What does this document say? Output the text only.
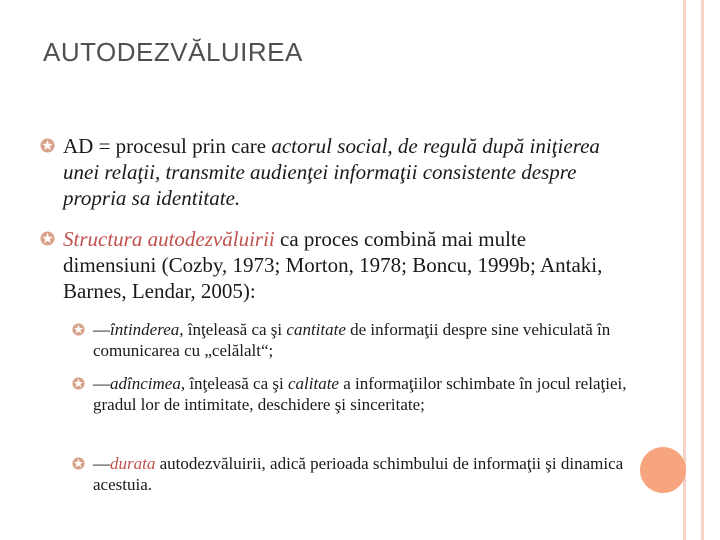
AUTODEZVĂLUIREA
AD = procesul prin care actorul social, de regulă după iniţierea unei relaţii, transmite audienţei informaţii consistente despre propria sa identitate.
Structura autodezvăluirii ca proces combină mai multe dimensiuni (Cozby, 1973; Morton, 1978; Boncu, 1999b; Antaki, Barnes, Lendar, 2005):
—întinderea, înţeleasă ca şi cantitate de informaţii despre sine vehiculată în comunicarea cu „celălalt“;
—adîncimea, înţeleasă ca şi calitate a informaţiilor schimbate în jocul relaţiei, gradul lor de intimitate, deschidere şi sinceritate;
—durata autodezvăluirii, adică perioada schimbului de informaţii şi dinamica acestuia.
